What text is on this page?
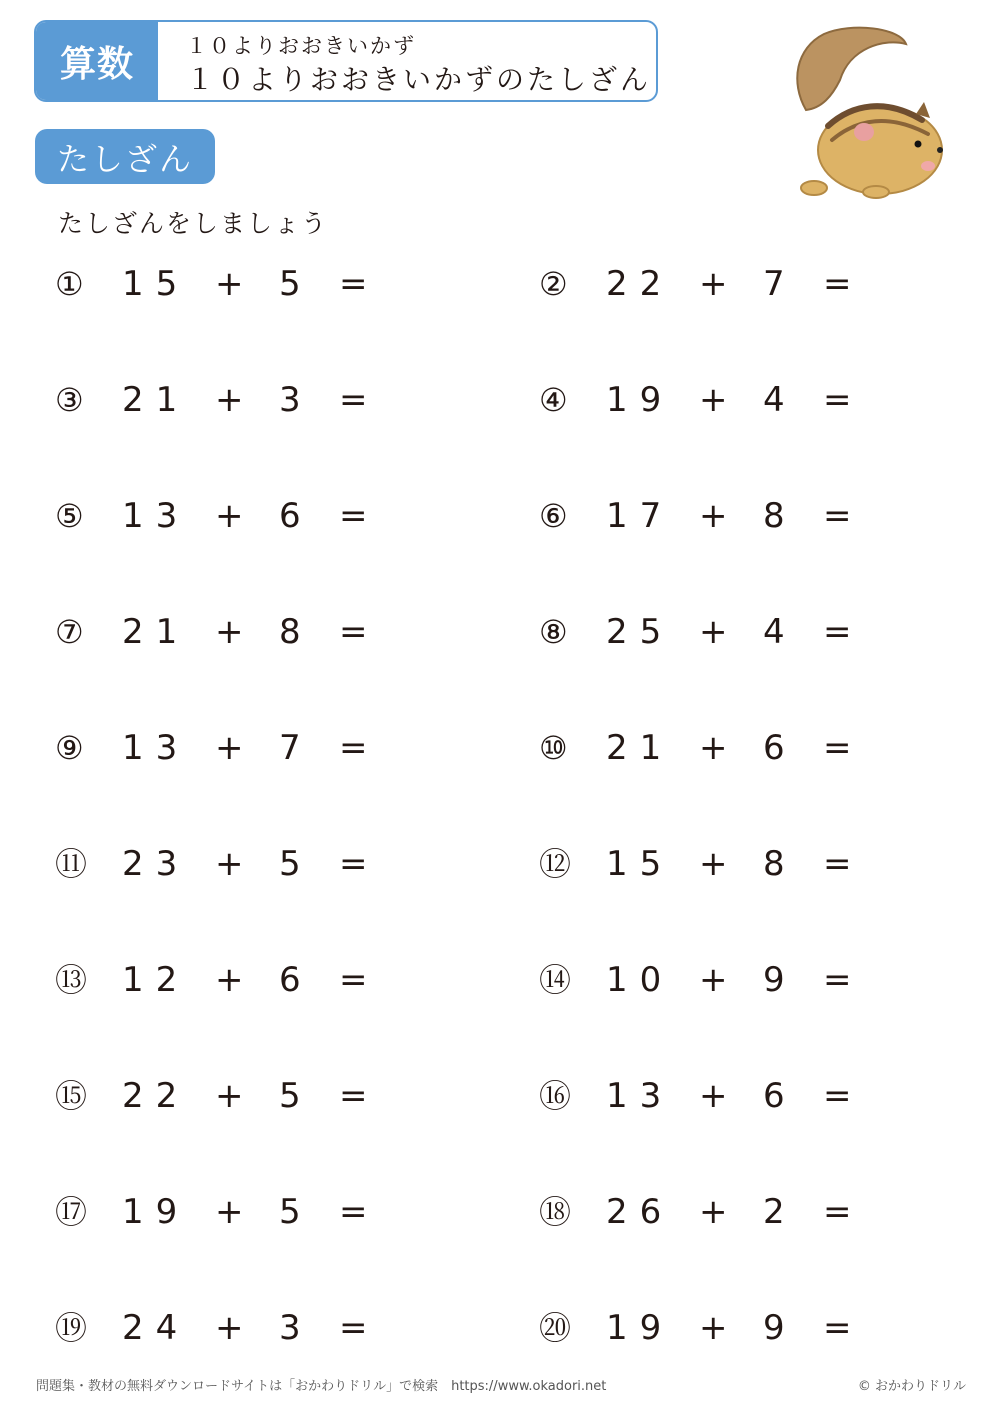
算数	１０よりおおきいかず
１０よりおおきいかずのたしざん
たしざん
たしざんをしましょう
① 15 + 5 =	② 22 + 7 =
③ 21 + 3 =	④ 19 + 4 =
⑤ 13 + 6 =	⑥ 17 + 8 =
⑦ 21 + 8 =	⑧ 25 + 4 =
⑨ 13 + 7 =	⑩ 21 + 6 =
⑪ 23 + 5 =	⑫ 15 + 8 =
⑬ 12 + 6 =	⑭ 10 + 9 =
⑮ 22 + 5 =	⑯ 13 + 6 =
⑰ 19 + 5 =	⑱ 26 + 2 =
⑲ 24 + 3 =	⑳ 19 + 9 =
問題集・教材の無料ダウンロードサイトは「おかわりドリル」で検索　https://www.okadori.net	© おかわりドリル
